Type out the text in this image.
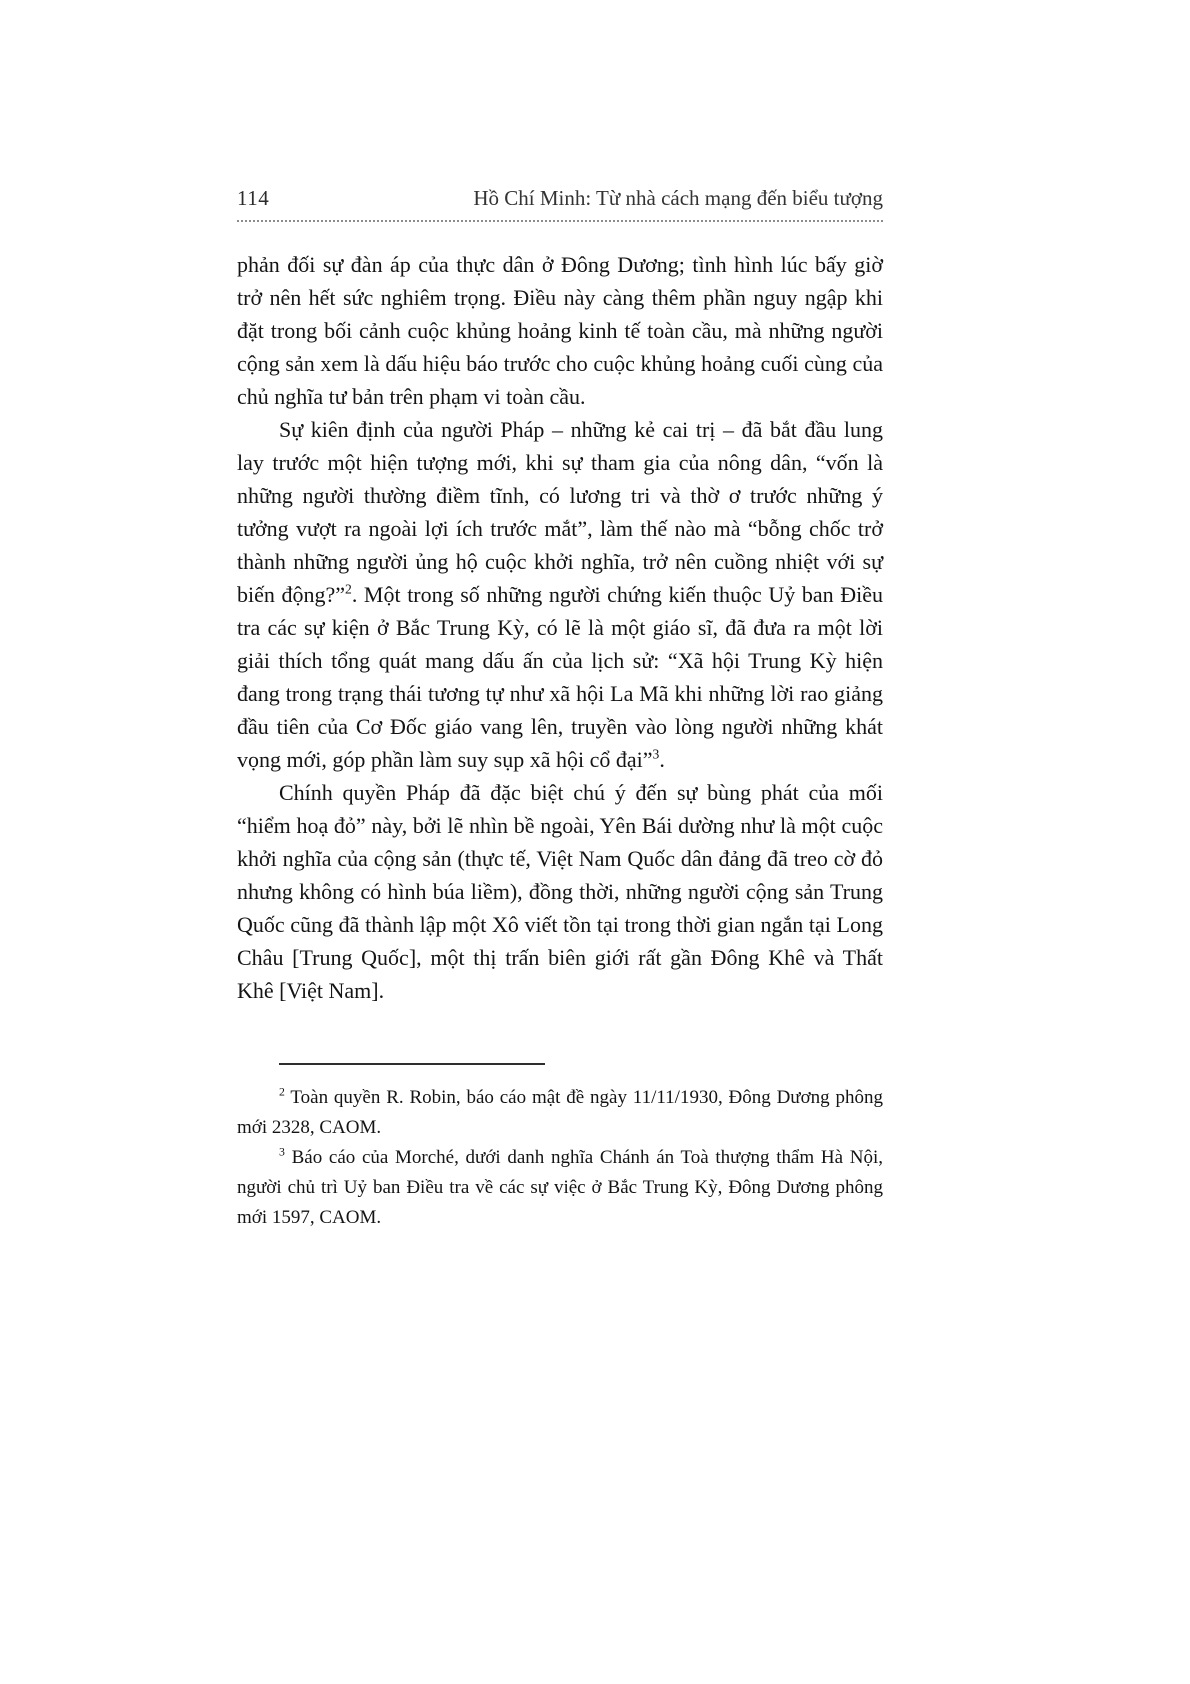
114	Hồ Chí Minh: Từ nhà cách mạng đến biểu tượng

phản đối sự đàn áp của thực dân ở Đông Dương; tình hình lúc bấy giờ trở nên hết sức nghiêm trọng. Điều này càng thêm phần nguy ngập khi đặt trong bối cảnh cuộc khủng hoảng kinh tế toàn cầu, mà những người cộng sản xem là dấu hiệu báo trước cho cuộc khủng hoảng cuối cùng của chủ nghĩa tư bản trên phạm vi toàn cầu.

Sự kiên định của người Pháp – những kẻ cai trị – đã bắt đầu lung lay trước một hiện tượng mới, khi sự tham gia của nông dân, “vốn là những người thường điềm tĩnh, có lương tri và thờ ơ trước những ý tưởng vượt ra ngoài lợi ích trước mắt”, làm thế nào mà “bỗng chốc trở thành những người ủng hộ cuộc khởi nghĩa, trở nên cuồng nhiệt với sự biến động?”$^2$. Một trong số những người chứng kiến thuộc Uỷ ban Điều tra các sự kiện ở Bắc Trung Kỳ, có lẽ là một giáo sĩ, đã đưa ra một lời giải thích tổng quát mang dấu ấn của lịch sử: “Xã hội Trung Kỳ hiện đang trong trạng thái tương tự như xã hội La Mã khi những lời rao giảng đầu tiên của Cơ Đốc giáo vang lên, truyền vào lòng người những khát vọng mới, góp phần làm suy sụp xã hội cổ đại”$^3$.

Chính quyền Pháp đã đặc biệt chú ý đến sự bùng phát của mối “hiểm hoạ đỏ” này, bởi lẽ nhìn bề ngoài, Yên Bái dường như là một cuộc khởi nghĩa của cộng sản (thực tế, Việt Nam Quốc dân đảng đã treo cờ đỏ nhưng không có hình búa liềm), đồng thời, những người cộng sản Trung Quốc cũng đã thành lập một Xô viết tồn tại trong thời gian ngắn tại Long Châu [Trung Quốc], một thị trấn biên giới rất gần Đông Khê và Thất Khê [Việt Nam].

$^2$ Toàn quyền R. Robin, báo cáo mật đề ngày 11/11/1930, Đông Dương phông mới 2328, CAOM.

$^3$ Báo cáo của Morché, dưới danh nghĩa Chánh án Toà thượng thẩm Hà Nội, người chủ trì Uỷ ban Điều tra về các sự việc ở Bắc Trung Kỳ, Đông Dương phông mới 1597, CAOM.
